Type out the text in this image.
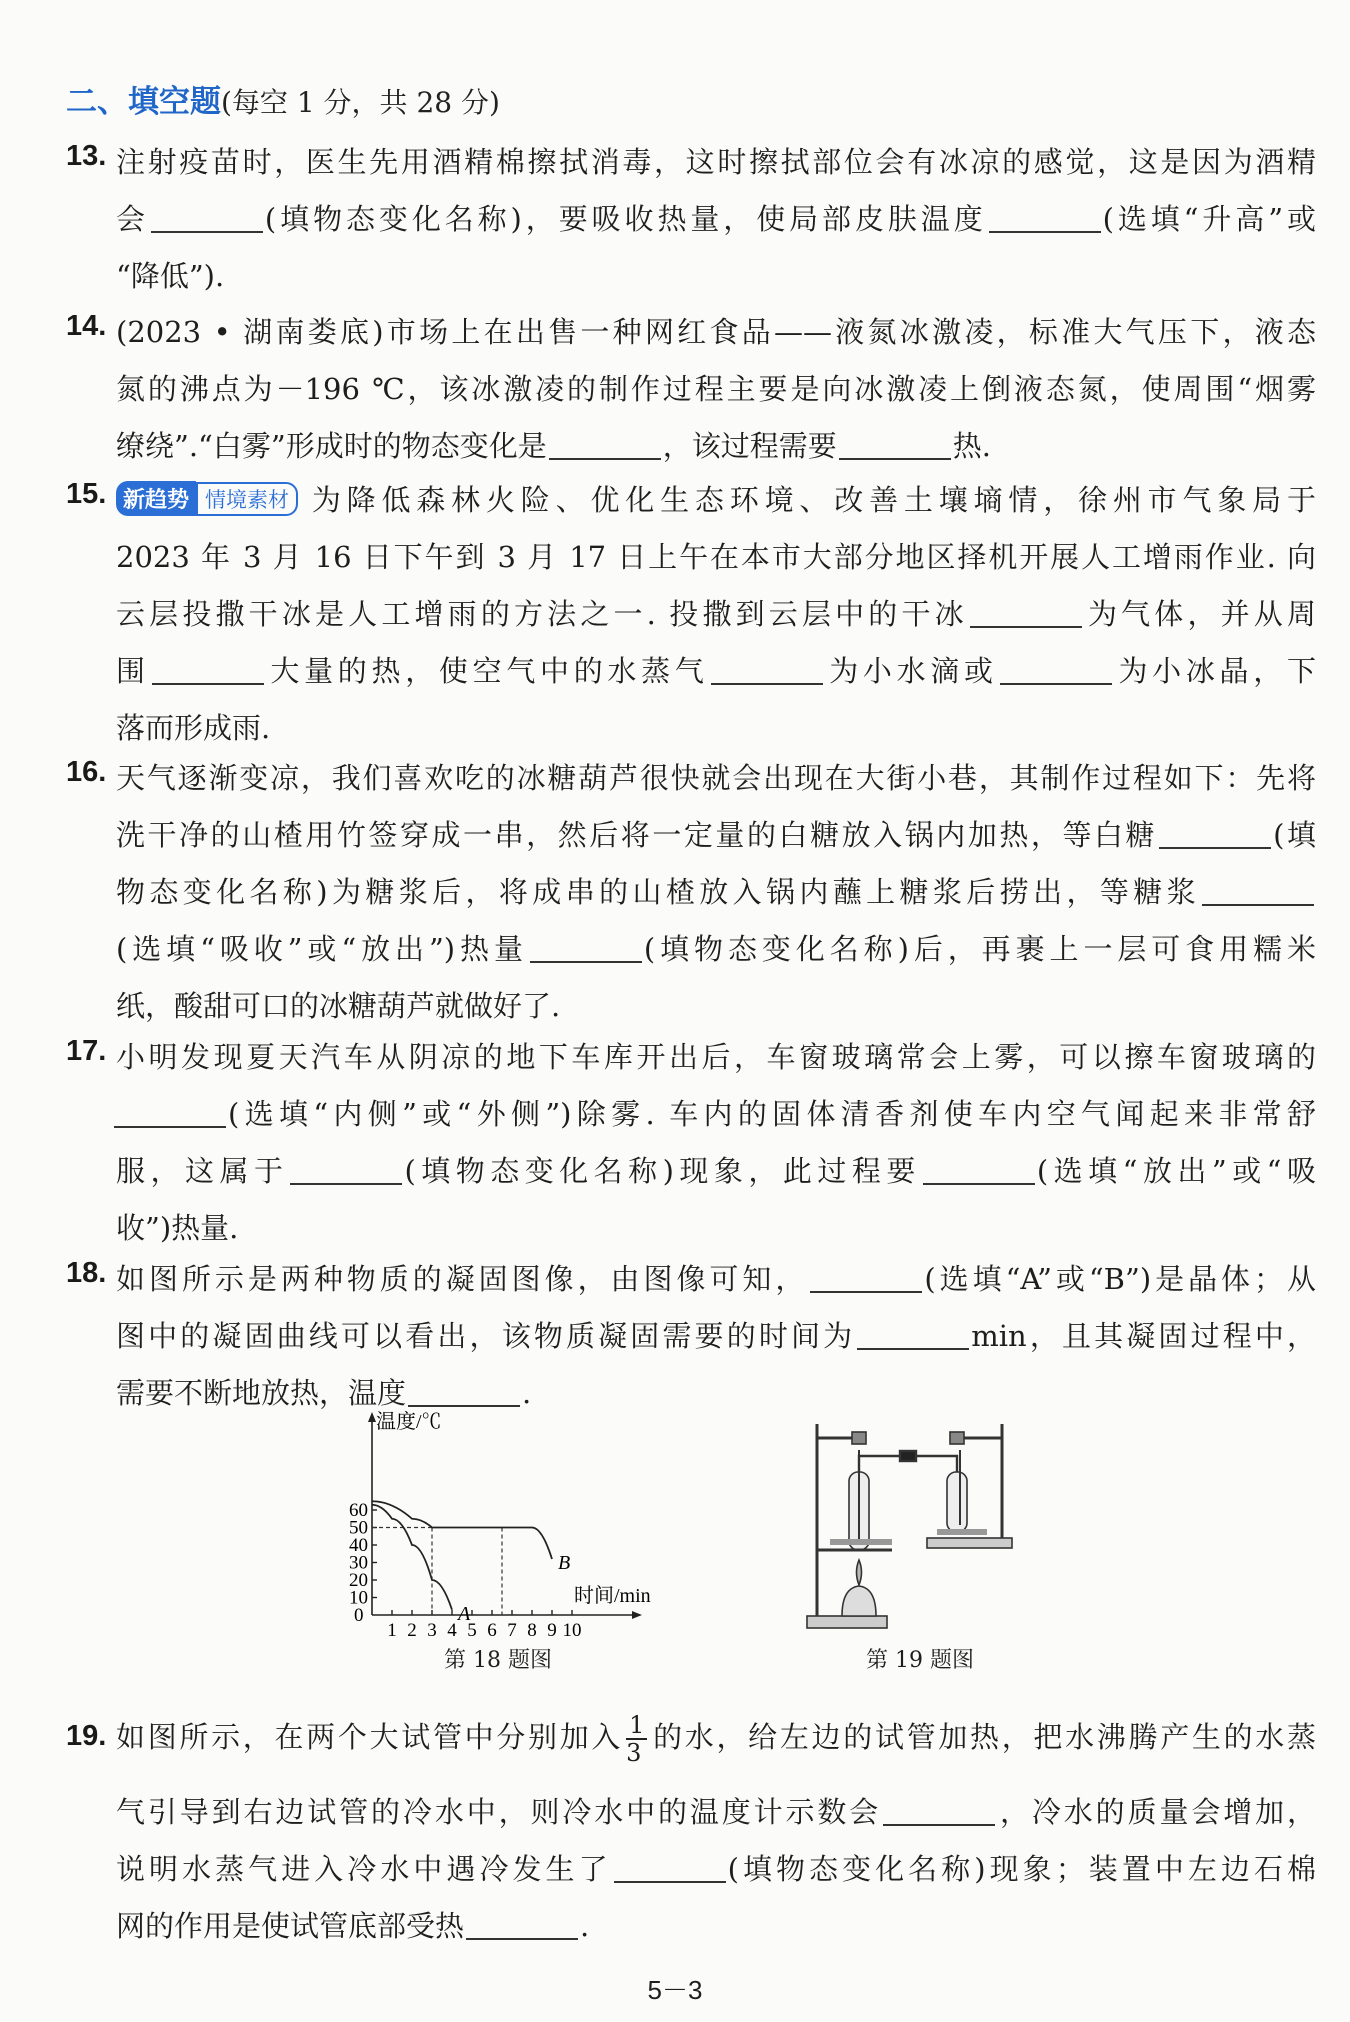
二、填空题(每空 1 分，共 28 分)
13. 注射疫苗时，医生先用酒精棉擦拭消毒，这时擦拭部位会有冰凉的感觉，这是因为酒精
会	(填物态变化名称)，要吸收热量，使局部皮肤温度	(选填“升高”或
“降低”).
14. (2023 • 湖南娄底)市场上在出售一种网红食品——液氮冰激凌，标准大气压下，液态
氮的沸点为－196 ℃，该冰激凌的制作过程主要是向冰激凌上倒液态氮，使周围“烟雾
缭绕”.“白雾”形成时的物态变化是	，该过程需要	热.
15. 新趋势 情境素材 为降低森林火险、优化生态环境、改善土壤墒情，徐州市气象局于
2023 年 3 月 16 日下午到 3 月 17 日上午在本市大部分地区择机开展人工增雨作业. 向
云层投撒干冰是人工增雨的方法之一. 投撒到云层中的干冰	为气体，并从周
围	大量的热，使空气中的水蒸气	为小水滴或	为小冰晶，下
落而形成雨.
16. 天气逐渐变凉，我们喜欢吃的冰糖葫芦很快就会出现在大街小巷，其制作过程如下：先将
洗干净的山楂用竹签穿成一串，然后将一定量的白糖放入锅内加热，等白糖	(填
物态变化名称)为糖浆后，将成串的山楂放入锅内蘸上糖浆后捞出，等糖浆
(选填“吸收”或“放出”)热量	(填物态变化名称)后，再裹上一层可食用糯米
纸，酸甜可口的冰糖葫芦就做好了.
17. 小明发现夏天汽车从阴凉的地下车库开出后，车窗玻璃常会上雾，可以擦车窗玻璃的
(选填“内侧”或“外侧”)除雾. 车内的固体清香剂使车内空气闻起来非常舒
服，这属于	(填物态变化名称)现象，此过程要	(选填“放出”或“吸
收”)热量.
18. 如图所示是两种物质的凝固图像，由图像可知，	(选填“A”或“B”)是晶体；从
图中的凝固曲线可以看出，该物质凝固需要的时间为	min，且其凝固过程中，
需要不断地放热，温度	.
温度/℃
时间/min
0
10
20
30
40
50
60
1 2 3 4 5 6 7 8 9 10
A
B
第 18 题图	第 19 题图
19. 如图所示，在两个大试管中分别加入 $\frac{1}{3}$ 的水，给左边的试管加热，把水沸腾产生的水蒸
气引导到右边试管的冷水中，则冷水中的温度计示数会	，冷水的质量会增加，
说明水蒸气进入冷水中遇冷发生了	(填物态变化名称)现象；装置中左边石棉
网的作用是使试管底部受热	.
5－3
